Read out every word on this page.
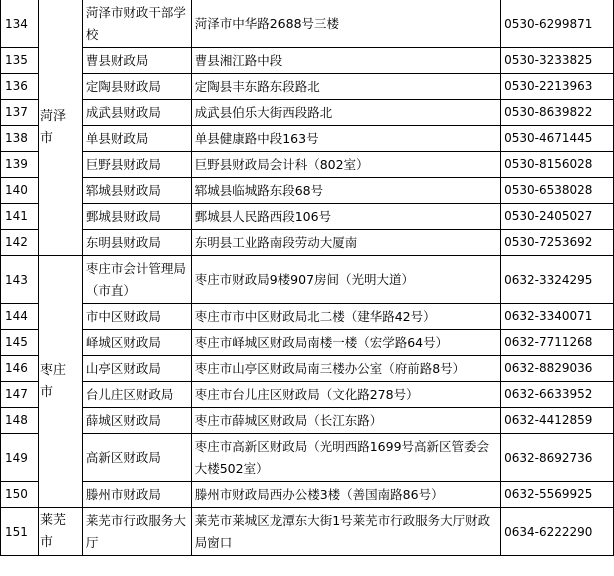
134	菏泽市	菏泽市财政干部学校	菏泽市中华路2688号三楼	0530-6299871
135		曹县财政局	曹县湘江路中段	0530-3233825
136		定陶县财政局	定陶县丰东路东段路北	0530-2213963
137		成武县财政局	成武县伯乐大街西段路北	0530-8639822
138		单县财政局	单县健康路中段163号	0530-4671445
139		巨野县财政局	巨野县财政局会计科（802室）	0530-8156028
140		郓城县财政局	郓城县临城路东段68号	0530-6538028
141		鄄城县财政局	鄄城县人民路西段106号	0530-2405027
142		东明县财政局	东明县工业路南段劳动大厦南	0530-7253692
143	枣庄市	枣庄市会计管理局（市直）	枣庄市财政局9楼907房间（光明大道）	0632-3324295
144		市中区财政局	枣庄市市中区财政局北二楼（建华路42号）	0632-3340071
145		峄城区财政局	枣庄市峄城区财政局南楼一楼（宏学路64号）	0632-7711268
146		山亭区财政局	枣庄市山亭区财政局南三楼办公室（府前路8号）	0632-8829036
147		台儿庄区财政局	枣庄市台儿庄区财政局（文化路278号）	0632-6633952
148		薛城区财政局	枣庄市薛城区财政局（长江东路）	0632-4412859
149		高新区财政局	枣庄市高新区财政局（光明西路1699号高新区管委会大楼502室）	0632-8692736
150		滕州市财政局	滕州市财政局西办公楼3楼（善国南路86号）	0632-5569925
151	莱芜市	莱芜市行政服务大厅	莱芜市莱城区龙潭东大街1号莱芜市行政服务大厅财政局窗口	0634-6222290
